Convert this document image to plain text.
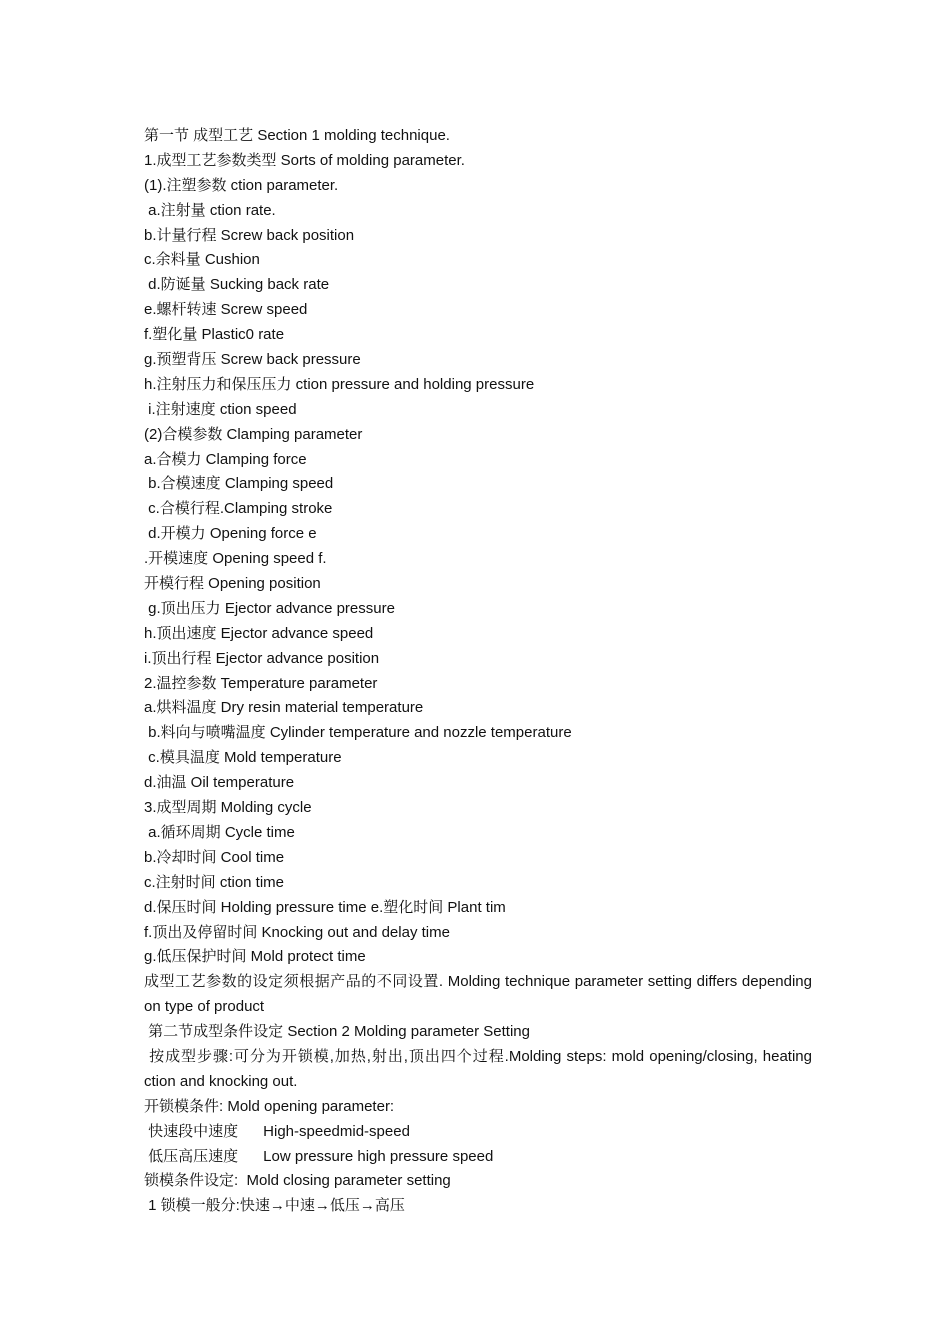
第一节 成型工艺 Section 1 molding technique.
1.成型工艺参数类型 Sorts of molding parameter.
(1).注塑参数 ction parameter.
a.注射量 ction rate.
b.计量行程 Screw back position
c.余料量 Cushion
d.防诞量 Sucking back rate
e.螺杆转速 Screw speed
f.塑化量 Plastic0 rate
g.预塑背压 Screw back pressure
h.注射压力和保压压力 ction pressure and holding pressure
i.注射速度 ction speed
(2)合模参数 Clamping parameter
a.合模力 Clamping force
b.合模速度 Clamping speed
c.合模行程.Clamping stroke
d.开模力 Opening force e
.开模速度 Opening speed f.
开模行程 Opening position
g.顶出压力 Ejector advance pressure
h.顶出速度 Ejector advance speed
i.顶出行程 Ejector advance position
2.温控参数 Temperature parameter
a.烘料温度 Dry resin material temperature
b.料向与喷嘴温度 Cylinder temperature and nozzle temperature
c.模具温度 Mold temperature
d.油温 Oil temperature
3.成型周期 Molding cycle
a.循环周期 Cycle time
b.冷却时间 Cool time
c.注射时间 ction time
d.保压时间 Holding pressure time e.塑化时间 Plant tim
f.顶出及停留时间 Knocking out and delay time
g.低压保护时间 Mold protect time
成型工艺参数的设定须根据产品的不同设置. Molding technique parameter setting differs depending on type of product
第二节成型条件设定 Section 2 Molding parameter Setting
按成型步骤:可分为开锁模,加热,射出,顶出四个过程.Molding steps: mold opening/closing, heating     ction and knocking out.
开锁模条件: Mold opening parameter:
快速段中速度      High-speedmid-speed
低压高压速度      Low pressure high pressure speed
锁模条件设定:  Mold closing parameter setting
1 锁模一般分:快速→中速→低压→高压
